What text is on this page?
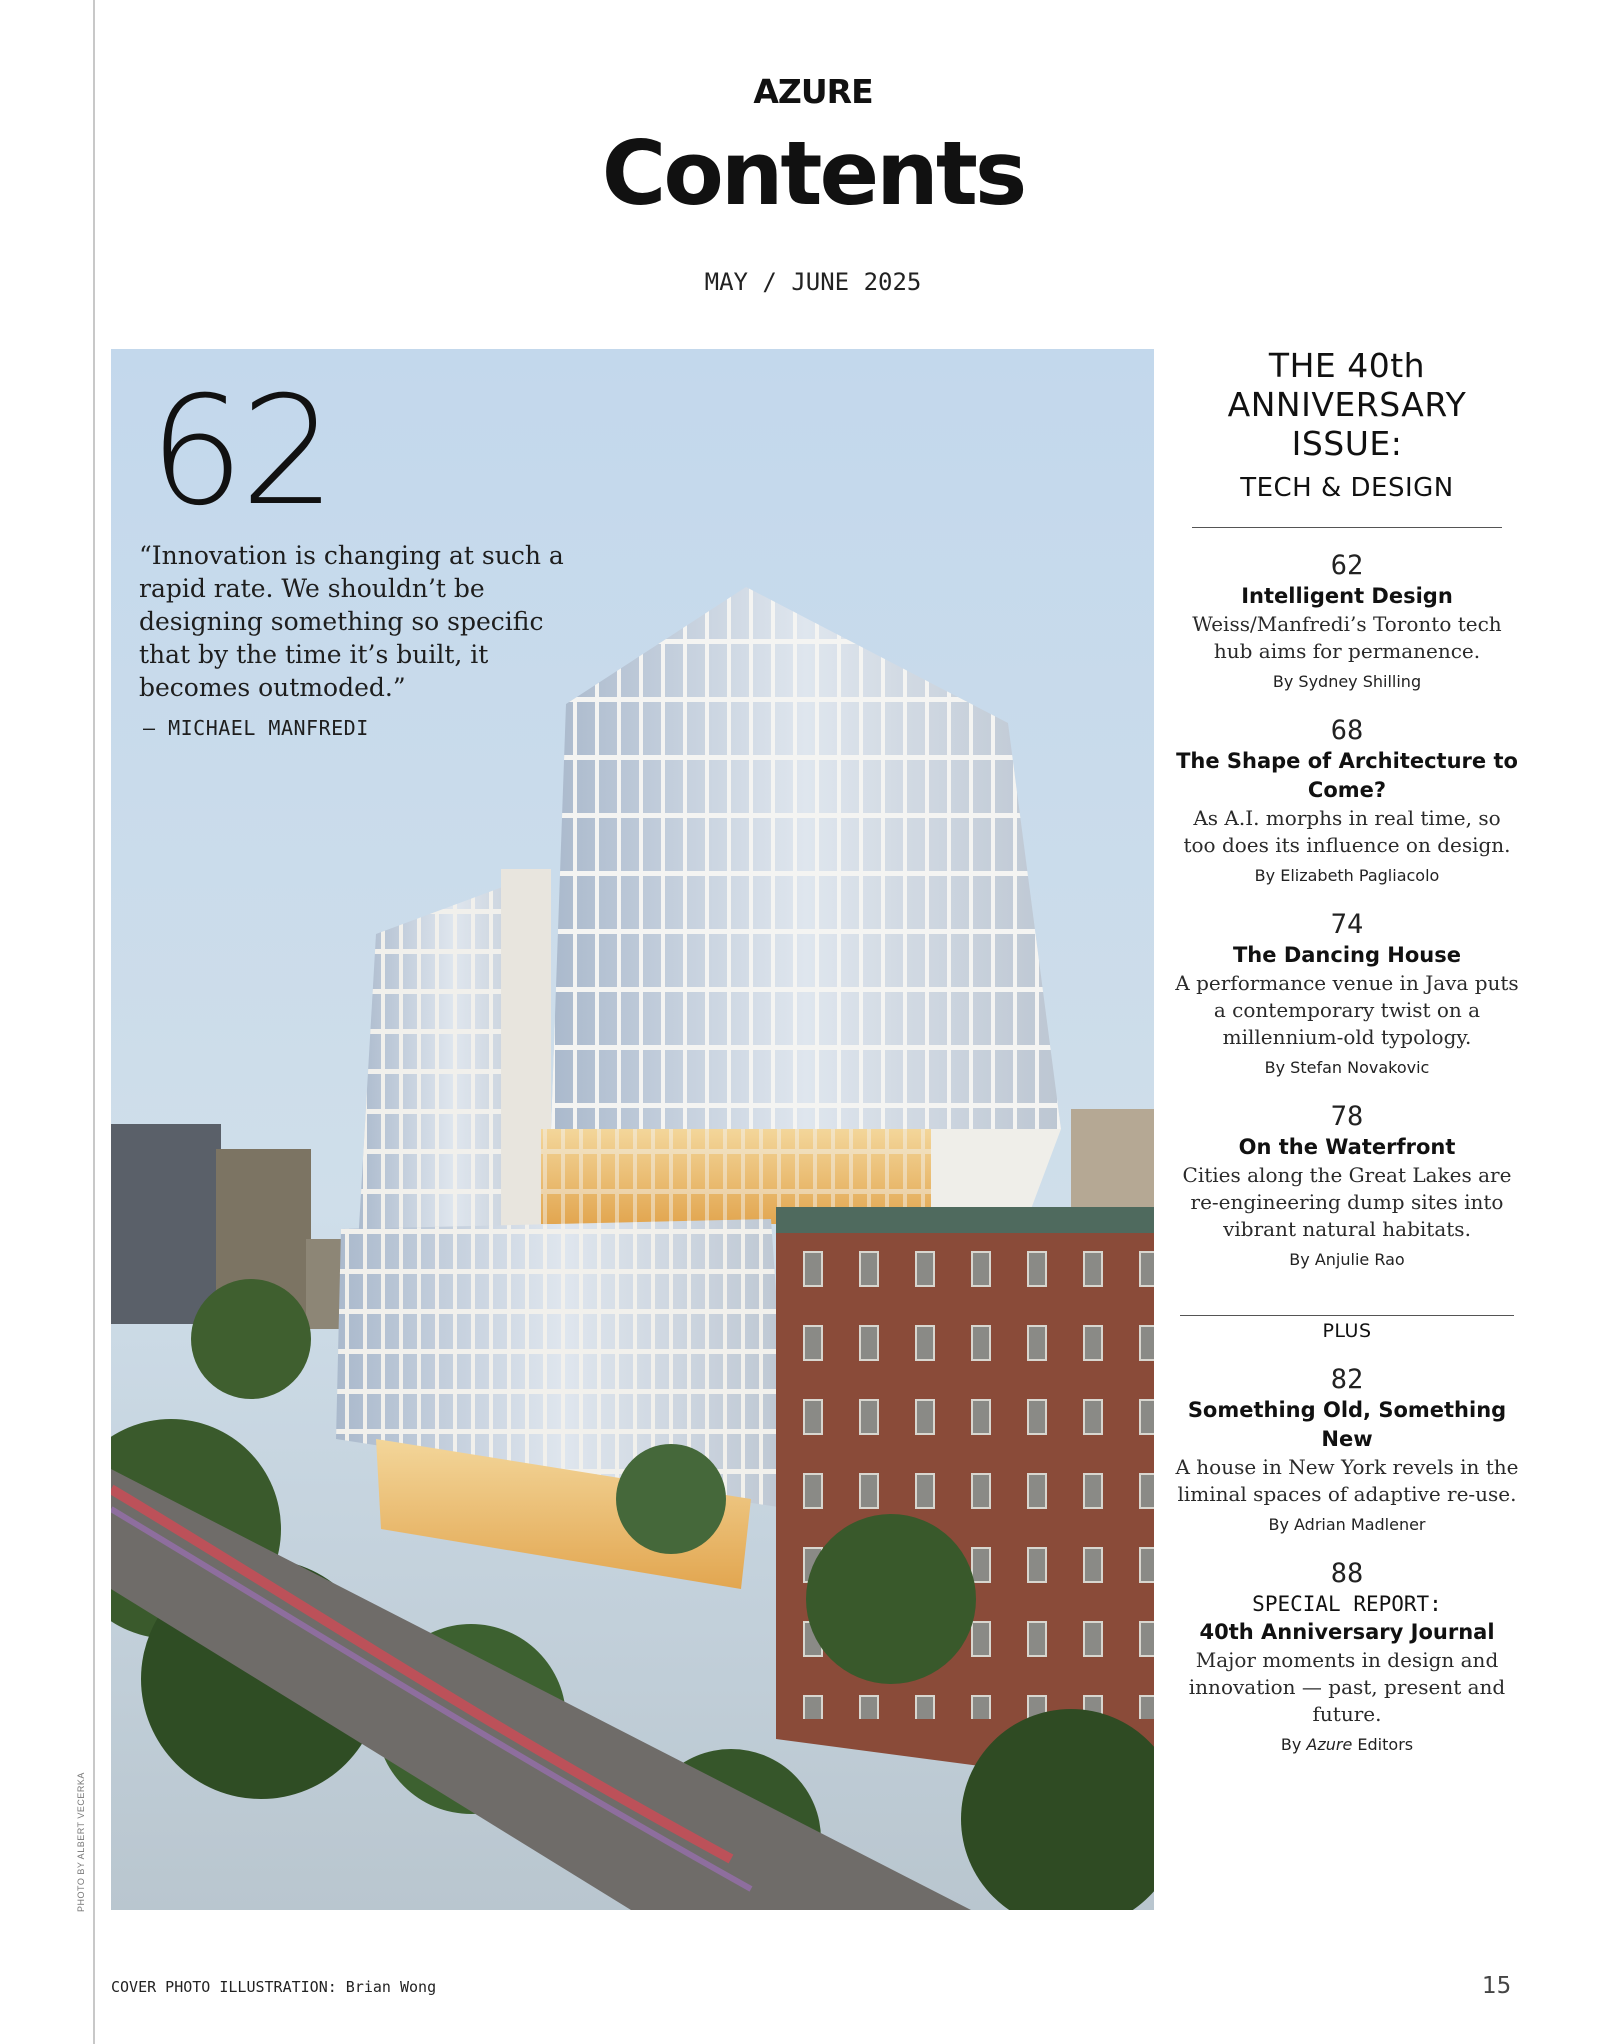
AZURE
Contents
MAY / JUNE 2025
62
“Innovation is changing at such a rapid rate. We shouldn’t be designing something so specific that by the time it’s built, it becomes outmoded.”
— MICHAEL MANFREDI
THE 40th ANNIVERSARY ISSUE:
TECH & DESIGN
62
Intelligent Design
Weiss/Manfredi’s Toronto tech hub aims for permanence.
By Sydney Shilling
68
The Shape of Architecture to Come?
As A.I. morphs in real time, so too does its influence on design.
By Elizabeth Pagliacolo
74
The Dancing House
A performance venue in Java puts a contemporary twist on a millennium-old typology.
By Stefan Novakovic
78
On the Waterfront
Cities along the Great Lakes are re-engineering dump sites into vibrant natural habitats.
By Anjulie Rao
PLUS
82
Something Old, Something New
A house in New York revels in the liminal spaces of adaptive re-use.
By Adrian Madlener
88
SPECIAL REPORT:
40th Anniversary Journal
Major moments in design and innovation — past, present and future.
By Azure Editors
PHOTO BY ALBERT VECERKA
COVER PHOTO ILLUSTRATION: Brian Wong	15
